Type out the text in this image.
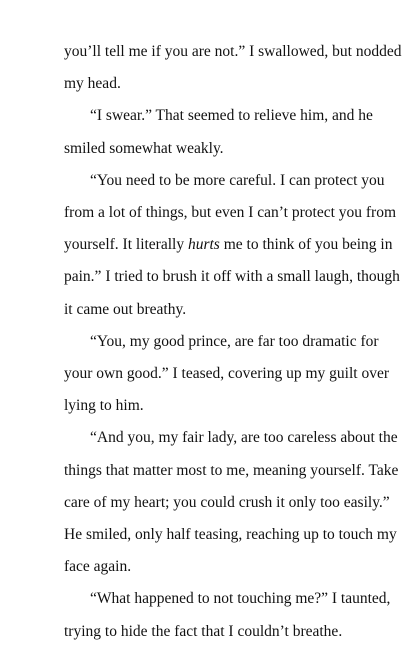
you’ll tell me if you are not.” I swallowed, but nodded
my head.

“I swear.” That seemed to relieve him, and he
smiled somewhat weakly.

“You need to be more careful. I can protect you
from a lot of things, but even I can’t protect you from
yourself. It literally hurts me to think of you being in
pain.” I tried to brush it off with a small laugh, though
it came out breathy.

“You, my good prince, are far too dramatic for
your own good.” I teased, covering up my guilt over
lying to him.

“And you, my fair lady, are too careless about the
things that matter most to me, meaning yourself. Take
care of my heart; you could crush it only too easily.”
He smiled, only half teasing, reaching up to touch my
face again.

“What happened to not touching me?” I taunted,
trying to hide the fact that I couldn’t breathe.
